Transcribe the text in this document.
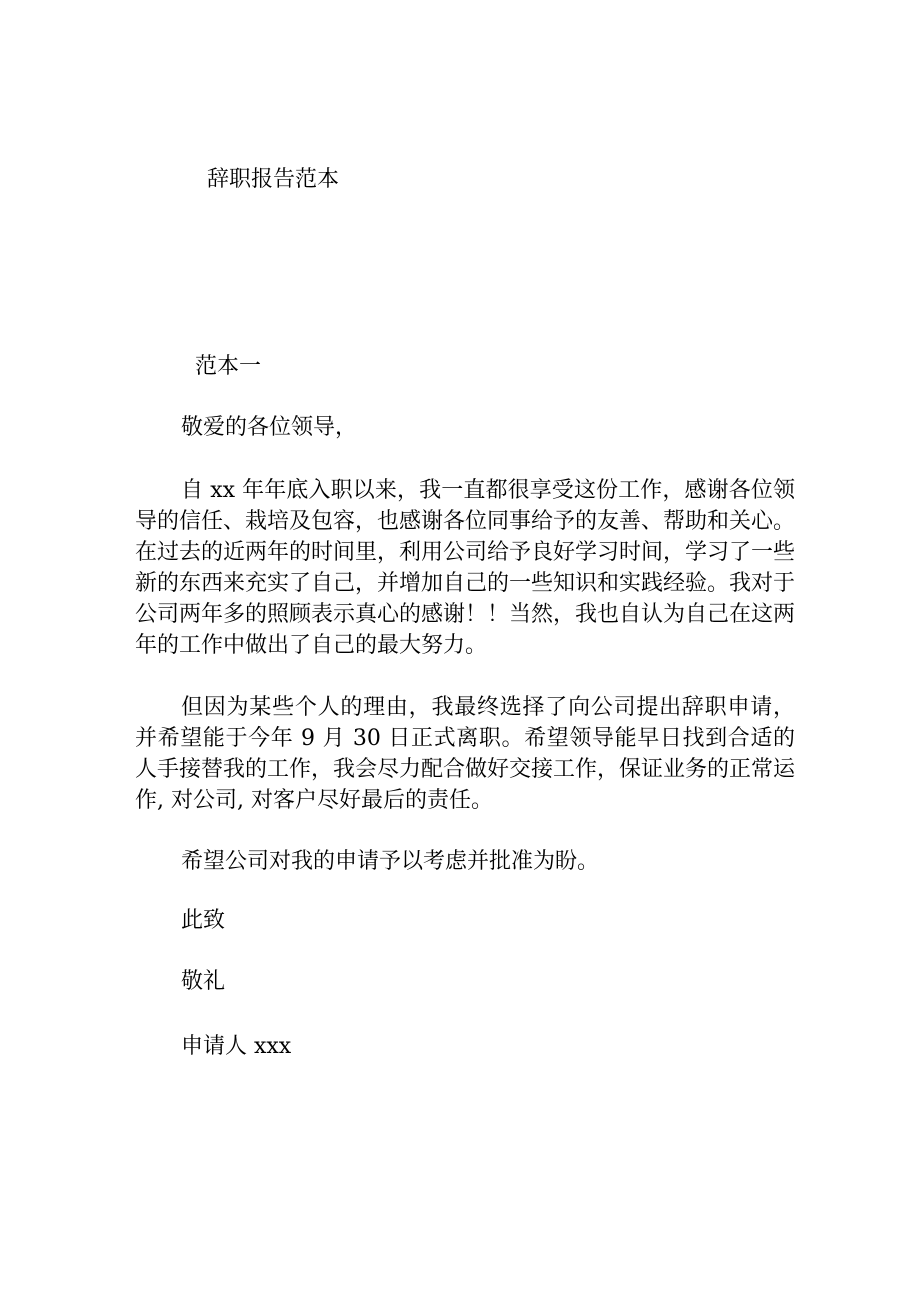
辞职报告范本
范本一
敬爱的各位领导，
自 xx 年年底入职以来，我一直都很享受这份工作，感谢各位领导的信任、栽培及包容，也感谢各位同事给予的友善、帮助和关心。在过去的近两年的时间里，利用公司给予良好学习时间，学习了一些新的东西来充实了自己，并增加自己的一些知识和实践经验。我对于公司两年多的照顾表示真心的感谢！！当然，我也自认为自己在这两年的工作中做出了自己的最大努力。
但因为某些个人的理由，我最终选择了向公司提出辞职申请，并希望能于今年 9 月 30 日正式离职。希望领导能早日找到合适的人手接替我的工作，我会尽力配合做好交接工作，保证业务的正常运作, 对公司, 对客户尽好最后的责任。
希望公司对我的申请予以考虑并批准为盼。
此致
敬礼
申请人 xxx
